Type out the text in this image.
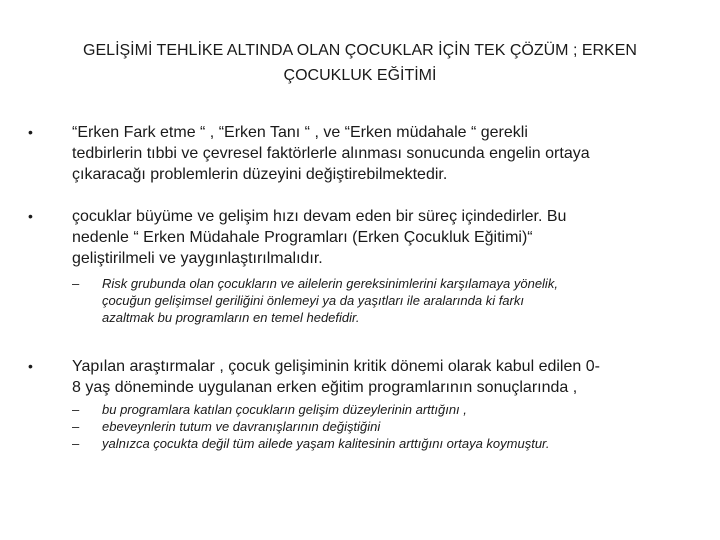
GELİŞİMİ TEHLİKE ALTINDA OLAN ÇOCUKLAR İÇİN TEK ÇÖZÜM ; ERKEN
ÇOCUKLUK EĞİTİMİ
•	“Erken Fark etme “ , “Erken Tanı “ , ve “Erken müdahale “ gerekli
tedbirlerin tıbbi ve çevresel faktörlerle alınması sonucunda engelin ortaya
çıkaracağı problemlerin düzeyini değiştirebilmektedir.
•	çocuklar büyüme ve gelişim hızı devam eden bir süreç içindedirler. Bu
nedenle “ Erken Müdahale Programları (Erken Çocukluk Eğitimi)“
geliştirilmeli ve yaygınlaştırılmalıdır.
– Risk grubunda olan çocukların ve ailelerin gereksinimlerini karşılamaya yönelik,
çocuğun gelişimsel geriliğini önlemeyi ya da yaşıtları ile aralarında ki farkı
azaltmak bu programların en temel hedefidir.
•	Yapılan araştırmalar , çocuk gelişiminin kritik dönemi olarak kabul edilen 0-
8 yaş döneminde uygulanan erken eğitim programlarının sonuçlarında ,
– bu programlara katılan çocukların gelişim düzeylerinin arttığını ,
– ebeveynlerin tutum ve davranışlarının değiştiğini
– yalnızca çocukta değil tüm ailede yaşam kalitesinin arttığını ortaya koymuştur.
